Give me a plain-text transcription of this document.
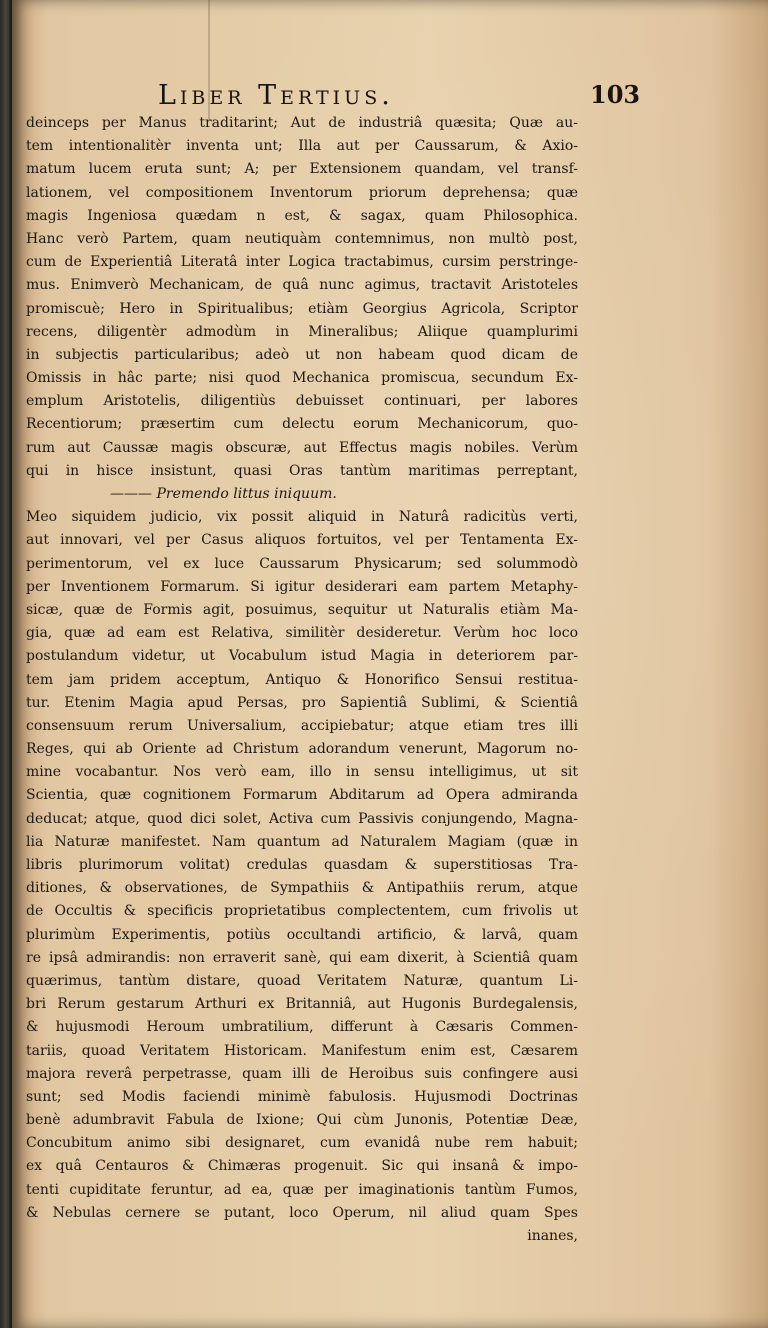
Liber Tertius.	103
deinceps per Manus traditarint; Aut de industriâ quæsita; Quæ au-
tem intentionalitèr inventa unt; Illa aut per Caussarum, & Axio-
matum lucem eruta sunt; A; per Extensionem quandam, vel transf-
lationem, vel compositionem Inventorum priorum deprehensa; quæ
magis Ingeniosa quædam n est, & sagax, quam Philosophica.
Hanc verò Partem, quam neutiquàm contemnimus, non multò post,
cum de Experientiâ Literatâ inter Logica tractabimus, cursim perstringe-
mus. Enimverò Mechanicam, de quâ nunc agimus, tractavit Aristoteles
promiscuè; Hero in Spiritualibus; etiàm Georgius Agricola, Scriptor
recens, diligentèr admodùm in Mineralibus; Aliique quamplurimi
in subjectis particularibus; adeò ut non habeam quod dicam de
Omissis in hâc parte; nisi quod Mechanica promiscua, secundum Ex-
emplum Aristotelis, diligentiùs debuisset continuari, per labores
Recentiorum; præsertim cum delectu eorum Mechanicorum, quo-
rum aut Caussæ magis obscuræ, aut Effectus magis nobiles. Verùm
qui in hisce insistunt, quasi Oras tantùm maritimas perreptant,
——— Premendo littus iniquum.
Meo siquidem judicio, vix possit aliquid in Naturâ radicitùs verti,
aut innovari, vel per Casus aliquos fortuitos, vel per Tentamenta Ex-
perimentorum, vel ex luce Caussarum Physicarum; sed solummodò
per Inventionem Formarum. Si igitur desiderari eam partem Metaphy-
sicæ, quæ de Formis agit, posuimus, sequitur ut Naturalis etiàm Ma-
gia, quæ ad eam est Relativa, similitèr desideretur. Verùm hoc loco
postulandum videtur, ut Vocabulum istud Magia in deteriorem par-
tem jam pridem acceptum, Antiquo & Honorifico Sensui restitua-
tur. Etenim Magia apud Persas, pro Sapientiâ Sublimi, & Scientiâ
consensuum rerum Universalium, accipiebatur; atque etiam tres illi
Reges, qui ab Oriente ad Christum adorandum venerunt, Magorum no-
mine vocabantur. Nos verò eam, illo in sensu intelligimus, ut sit
Scientia, quæ cognitionem Formarum Abditarum ad Opera admiranda
deducat; atque, quod dici solet, Activa cum Passivis conjungendo, Magna-
lia Naturæ manifestet. Nam quantum ad Naturalem Magiam (quæ in
libris plurimorum volitat) credulas quasdam & superstitiosas Tra-
ditiones, & observationes, de Sympathiis & Antipathiis rerum, atque
de Occultis & specificis proprietatibus complectentem, cum frivolis ut
plurimùm Experimentis, potiùs occultandi artificio, & larvâ, quam
re ipsâ admirandis: non erraverit sanè, qui eam dixerit, à Scientiâ quam
quærimus, tantùm distare, quoad Veritatem Naturæ, quantum Li-
bri Rerum gestarum Arthuri ex Britanniâ, aut Hugonis Burdegalensis,
& hujusmodi Heroum umbratilium, differunt à Cæsaris Commen-
tariis, quoad Veritatem Historicam. Manifestum enim est, Cæsarem
majora reverâ perpetrasse, quam illi de Heroibus suis confingere ausi
sunt; sed Modis faciendi minimè fabulosis. Hujusmodi Doctrinas
benè adumbravit Fabula de Ixione; Qui cùm Junonis, Potentiæ Deæ,
Concubitum animo sibi designaret, cum evanidâ nube rem habuit;
ex quâ Centauros & Chimæras progenuit. Sic qui insanâ & impo-
tenti cupiditate feruntur, ad ea, quæ per imaginationis tantùm Fumos,
& Nebulas cernere se putant, loco Operum, nil aliud quam Spes
inanes,
